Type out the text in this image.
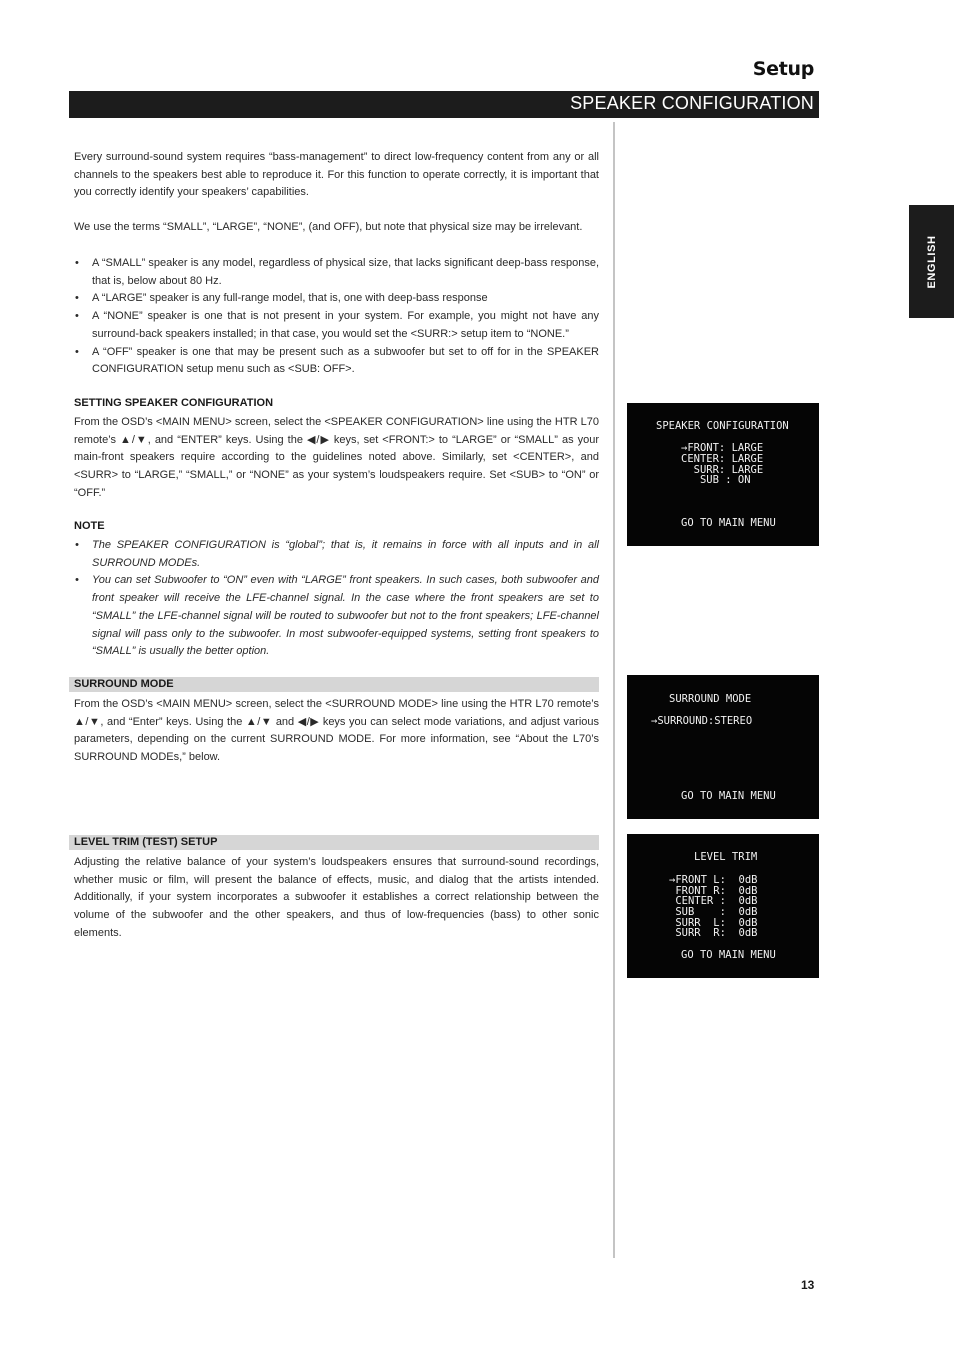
Setup
SPEAKER CONFIGURATION
ENGLISH

Every surround-sound system requires “bass-management” to direct low-frequency content from any or all channels to the speakers best able to reproduce it. For this function to operate correctly, it is important that you correctly identify your speakers’ capabilities.

We use the terms “SMALL”, “LARGE”, “NONE”, (and OFF), but note that physical size may be irrelevant.

• A “SMALL” speaker is any model, regardless of physical size, that lacks significant deep-bass response, that is, below about 80 Hz.
• A “LARGE” speaker is any full-range model, that is, one with deep-bass response
• A “NONE” speaker is one that is not present in your system. For example, you might not have any surround-back speakers installed; in that case, you would set the <SURR:> setup item to “NONE.”
• A “OFF” speaker is one that may be present such as a subwoofer but set to off for in the SPEAKER CONFIGURATION setup menu such as <SUB: OFF>.
SETTING SPEAKER CONFIGURATION

From the OSD’s <MAIN MENU> screen, select the <SPEAKER CONFIGURATION> line using the HTR L70 remote’s ▲/▼, and “ENTER” keys. Using the ◀/▶ keys, set <FRONT:> to “LARGE” or “SMALL” as your main-front speakers require according to the guidelines noted above. Similarly, set <CENTER>, and <SURR> to “LARGE,” “SMALL,” or “NONE” as your system’s loudspeakers require. Set <SUB> to “ON” or “OFF.”

NOTE
• The SPEAKER CONFIGURATION is “global”; that is, it remains in force with all inputs and in all SURROUND MODEs.
• You can set Subwoofer to “ON” even with “LARGE” front speakers. In such cases, both subwoofer and front speaker will receive the LFE-channel signal. In the case where the front speakers are set to “SMALL” the LFE-channel signal will be routed to subwoofer but not to the front speakers; LFE-channel signal will pass only to the subwoofer. In most subwoofer-equipped systems, setting front speakers to “SMALL” is usually the better option.
SURROUND MODE

From the OSD’s <MAIN MENU> screen, select the <SURROUND MODE> line using the HTR L70 remote’s ▲/▼, and “Enter” keys. Using the ▲/▼ and ◀/▶ keys you can select mode variations, and adjust various parameters, depending on the current SURROUND MODE. For more information, see “About the L70’s SURROUND MODEs,” below.

LEVEL TRIM (TEST) SETUP

Adjusting the relative balance of your system’s loudspeakers ensures that surround-sound recordings, whether music or film, will present the balance of effects, music, and dialog that the artists intended. Additionally, if your system incorporates a subwoofer it establishes a correct relationship between the volume of the subwoofer and the other speakers, and thus of low-frequencies (bass) to other sonic elements.

SPEAKER CONFIGURATION
→FRONT: LARGE
CENTER: LARGE
SURR: LARGE
SUB : ON
GO TO MAIN MENU
SURROUND MODE
→SURROUND:STEREO
GO TO MAIN MENU
LEVEL TRIM
→FRONT L:  0dB
FRONT R:  0dB
CENTER :  0dB
SUB    :  0dB
SURR  L:  0dB
SURR  R:  0dB
GO TO MAIN MENU
13
